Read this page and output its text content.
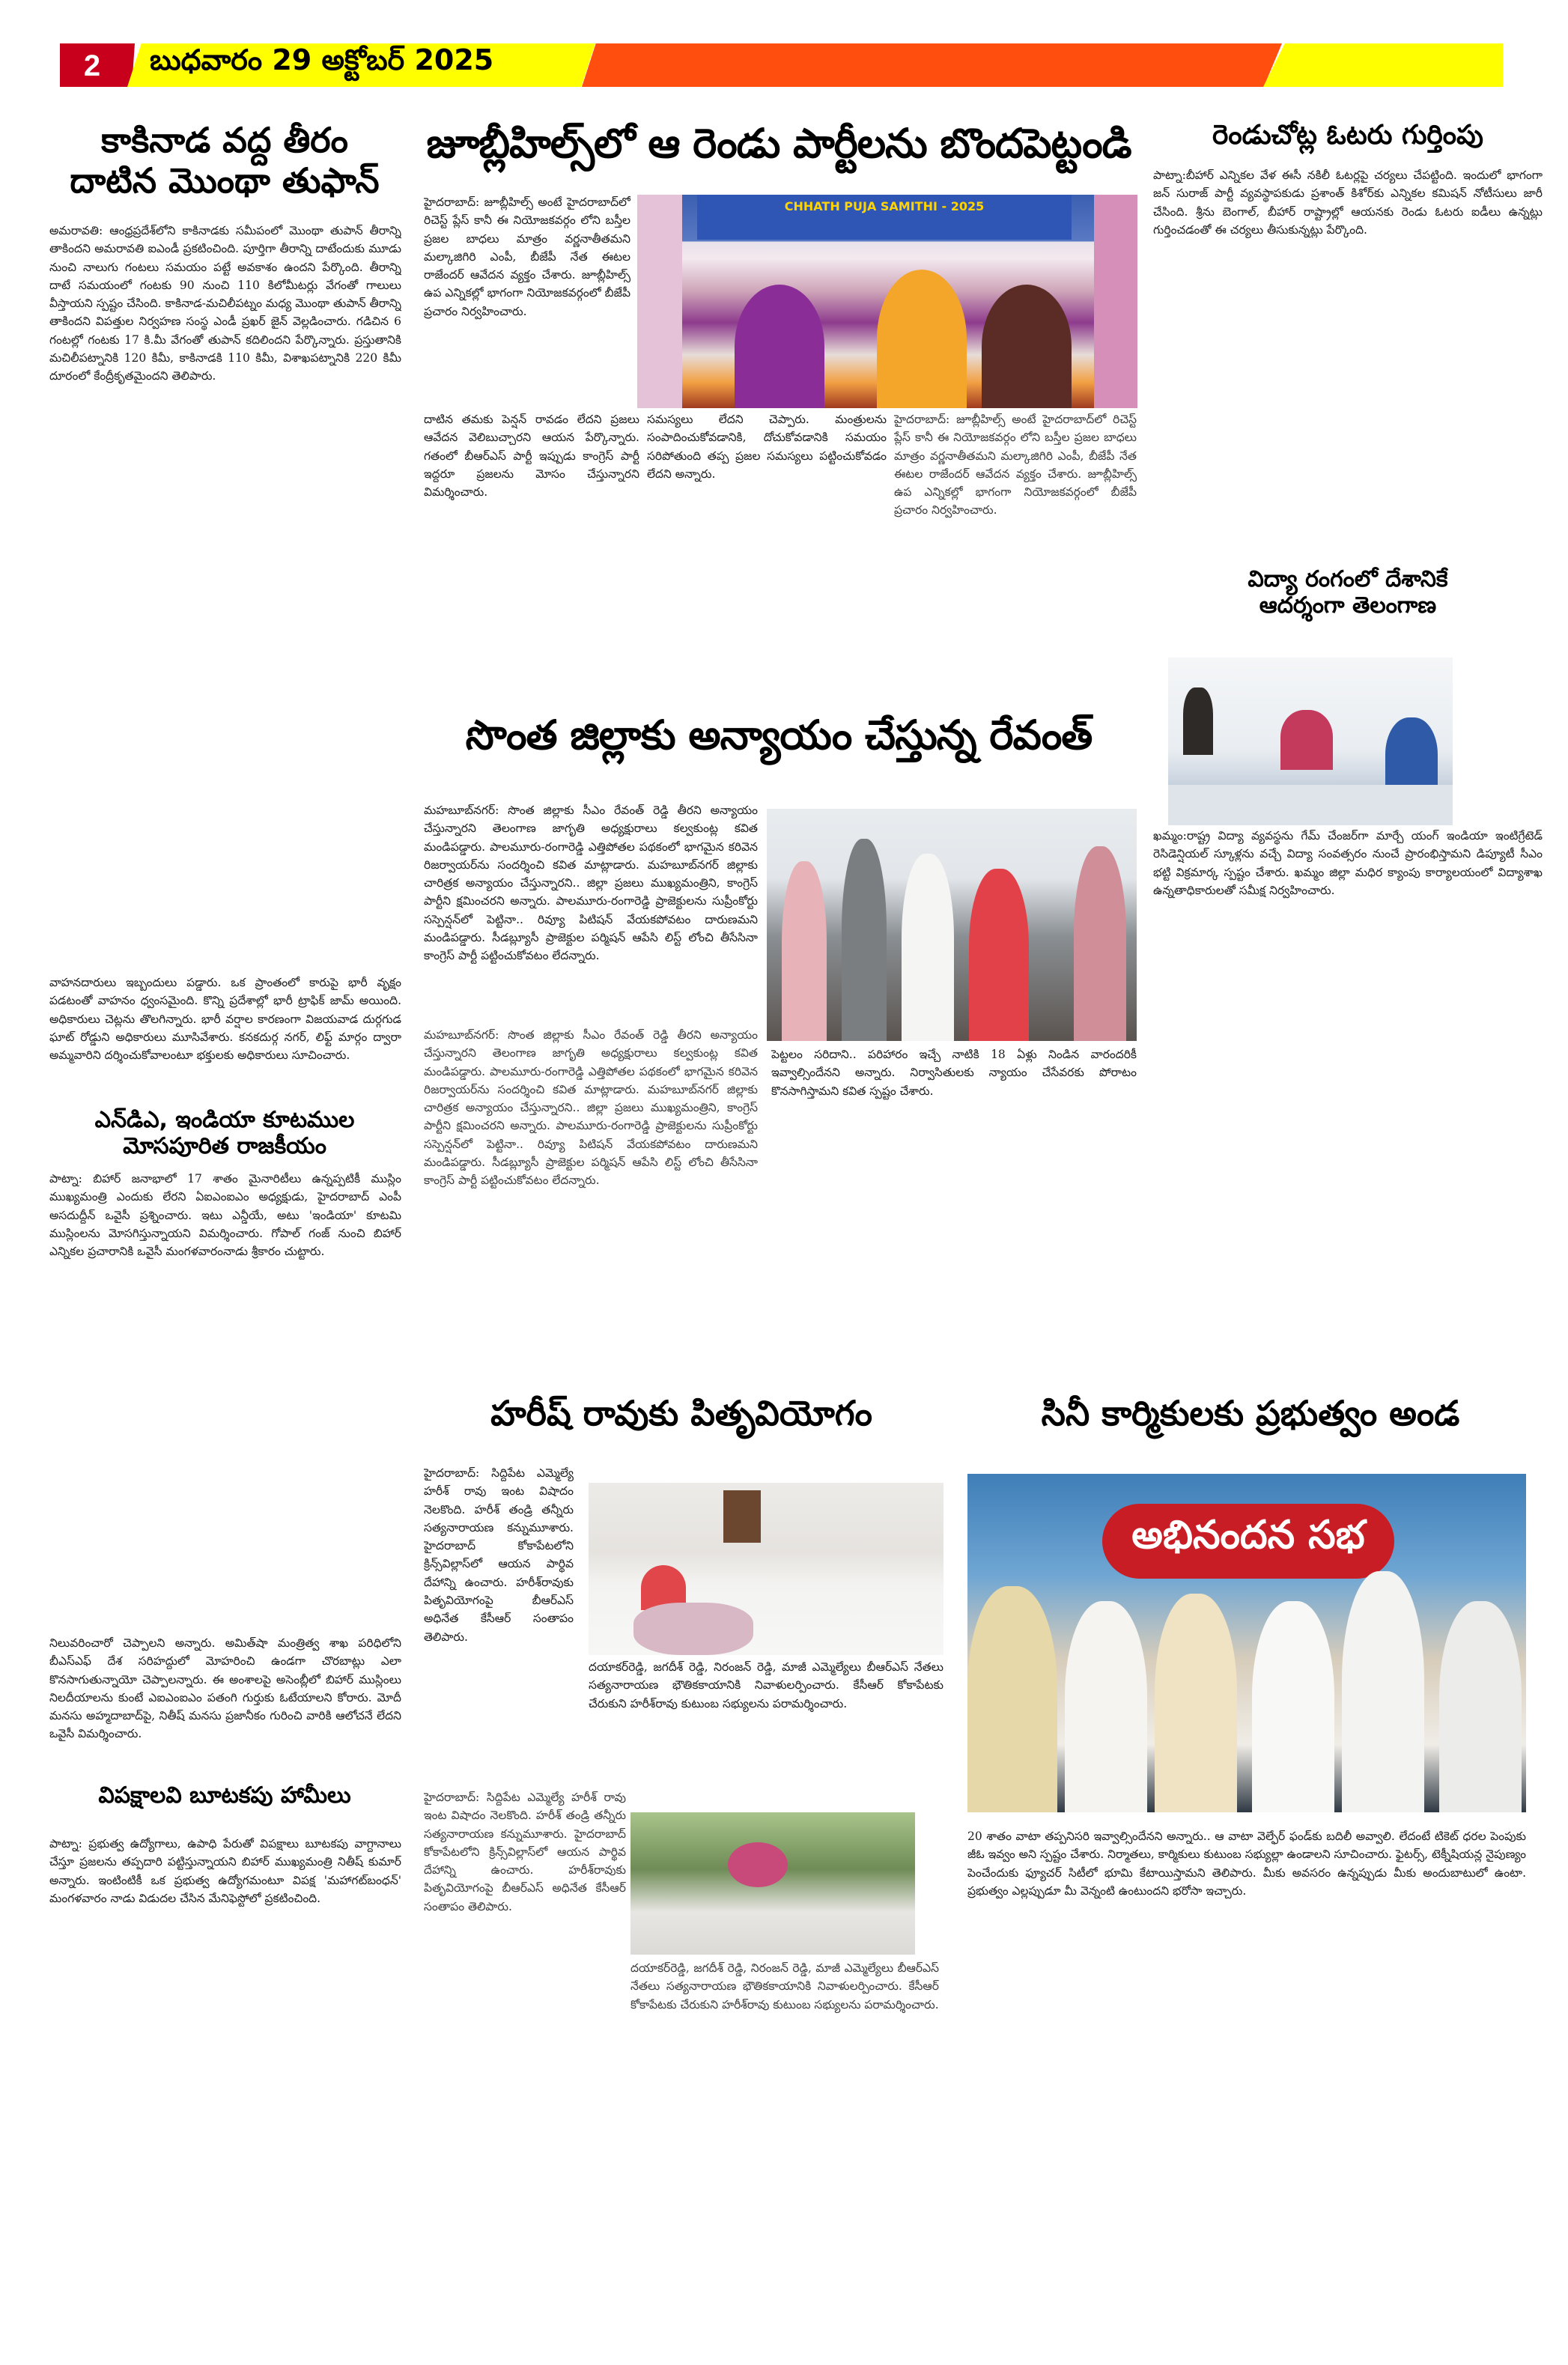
2	బుధవారం 29 అక్టోబర్ 2025
కాకినాడ వద్ద తీరం
దాటిన మొంథా తుఫాన్

అమరావతి: ఆంధ్రప్రదేశ్‌లోని కాకినాడకు సమీపంలో మొంథా తుపాన్ తీరాన్ని తాకిందని అమరావతి ఐఎండీ ప్రకటించింది. పూర్తిగా తీరాన్ని దాటేందుకు మూడు నుంచి నాలుగు గంటలు సమయం పట్టే అవకాశం ఉందని పేర్కొంది. తీరాన్ని దాటే సమయంలో గంటకు 90 నుంచి 110 కిలోమీటర్లు వేగంతో గాలులు వీస్తాయని స్పష్టం చేసింది. కాకినాడ-మచిలీపట్నం మధ్య మొంథా తుపాన్ తీరాన్ని తాకిందని విపత్తుల నిర్వహణ సంస్థ ఎండీ ప్రఖర్ జైన్ వెల్లడించారు. గడిచిన 6 గంటల్లో గంటకు 17 కి.మీ వేగంతో తుపాన్ కదిలిందని పేర్కొన్నారు. ప్రస్తుతానికి మచిలీపట్నానికి 120 కిమీ, కాకినాడకి 110 కిమీ, విశాఖపట్నానికి 220 కిమీ దూరంలో కేంద్రీకృతమైందని తెలిపారు.

వాహనదారులు ఇబ్బందులు పడ్డారు. ఒక ప్రాంతంలో కారుపై భారీ వృక్షం పడటంతో వాహనం ధ్వంసమైంది. కొన్ని ప్రదేశాల్లో భారీ ట్రాఫిక్ జామ్ అయింది. అధికారులు చెట్లను తొలగిన్నారు. భారీ వర్షాల కారణంగా విజయవాడ దుర్గగుడ ఘాట్ రోడ్డుని అధికారులు మూసివేశారు. కనకదుర్గ నగర్, లిఫ్ట్ మార్గం ద్వారా అమ్మవారిని దర్శించుకోవాలంటూ భక్తులకు అధికారులు సూచించారు.

ఎన్‌డిఎ, ఇండియా కూటముల
మోసపూరిత రాజకీయం

పాట్నా: బిహార్ జనాభాలో 17 శాతం మైనారిటీలు ఉన్నప్పటికీ ముస్లిం ముఖ్యమంత్రి ఎందుకు లేరని ఏఐఎంఐఎం అధ్యక్షుడు, హైదరాబాద్ ఎంపీ అసదుద్దీన్ ఒవైసీ ప్రశ్నించారు. ఇటు ఎన్డీయే, అటు 'ఇండియా' కూటమి ముస్లింలను మోసగిస్తున్నాయని విమర్శించారు. గోపాల్ గంజ్ నుంచి బిహార్ ఎన్నికల ప్రచారానికి ఒవైసీ మంగళవారంనాడు శ్రీకారం చుట్టారు.

నిలువరించారో చెప్పాలని అన్నారు. అమిత్‌షా మంత్రిత్వ శాఖ పరిధిలోని బీఎస్ఎఫ్ దేశ సరిహద్దులో మోహరించి ఉండగా చొరబాట్లు ఎలా కొనసాగుతున్నాయో చెప్పాలన్నారు. ఈ అంశాలపై అసెంబ్లీలో బిహార్ ముస్లింలు నిలదీయాలను కుంటే ఎఐఎంఐఎం పతంగి గుర్తుకు ఓటేయాలని కోరారు. మోదీ మనసు అహ్మదాబాద్‌పై, నితీష్ మనసు ప్రజానీకం గురించి వారికి ఆలోచనే లేదని ఒవైసీ విమర్శించారు.

విపక్షాలవి బూటకపు హామీలు

పాట్నా: ప్రభుత్వ ఉద్యోగాలు, ఉపాధి పేరుతో విపక్షాలు బూటకపు వాగ్దానాలు చేస్తూ ప్రజలను తప్పదారి పట్టిస్తున్నాయని బిహార్ ముఖ్యమంత్రి నితీష్ కుమార్ అన్నారు. ఇంటింటికీ ఒక ప్రభుత్వ ఉద్యోగమంటూ విపక్ష 'మహాగట్‌బంధన్' మంగళవారం నాడు విడుదల చేసిన మేనిఫెస్టోలో ప్రకటించింది.

జూబ్లీహిల్స్‌లో ఆ రెండు పార్టీలను బొందపెట్టండి

హైదరాబాద్: జూబ్లీహిల్స్ అంటే హైదరాబాద్‌లో రిచెస్ట్ ప్లేస్ కానీ ఈ నియోజకవర్గం లోని బస్తీల ప్రజల బాధలు మాత్రం వర్ణనాతీతమని మల్కాజిగిరి ఎంపీ, బీజేపీ నేత ఈటల రాజేందర్ ఆవేదన వ్యక్తం చేశారు. జూబ్లీహిల్స్ ఉప ఎన్నికల్లో భాగంగా నియోజకవర్గంలో బీజేపీ ప్రచారం నిర్వహించారు.

CHHATH PUJA SAMITHI - 2025

దాటిన తమకు పెన్షన్ రావడం లేదని ప్రజలు ఆవేదన వెలిబుచ్చారని ఆయన పేర్కొన్నారు. గతంలో బీఆర్ఎస్ పార్టీ ఇప్పుడు కాంగ్రెస్ పార్టీ ఇద్దరూ ప్రజలను మోసం చేస్తున్నారని విమర్శించారు.

సమస్యలు లేదని చెప్పారు. మంత్రులను సంపాదించుకోవడానికి, దోచుకోవడానికి సమయం సరిపోతుంది తప్ప ప్రజల సమస్యలు పట్టించుకోవడం లేదని అన్నారు.

హైదరాబాద్: జూబ్లీహిల్స్ అంటే హైదరాబాద్‌లో రిచెస్ట్ ప్లేస్ కానీ ఈ నియోజకవర్గం లోని బస్తీల ప్రజల బాధలు మాత్రం వర్ణనాతీతమని మల్కాజిగిరి ఎంపీ, బీజేపీ నేత ఈటల రాజేందర్ ఆవేదన వ్యక్తం చేశారు. జూబ్లీహిల్స్ ఉప ఎన్నికల్లో భాగంగా నియోజకవర్గంలో బీజేపీ ప్రచారం నిర్వహించారు.

రెండుచోట్ల ఓటరు గుర్తింపు

పాట్నా:బీహార్ ఎన్నికల వేళ ఈసీ నకిలీ ఓటర్లపై చర్యలు చేపట్టింది. ఇందులో భాగంగా జన్ సురాజ్ పార్టీ వ్యవస్థాపకుడు ప్రశాంత్ కిశోర్‌కు ఎన్నికల కమిషన్ నోటీసులు జారీ చేసింది. శ్రీను బెంగాల్, బీహార్ రాష్ట్రాల్లో ఆయనకు రెండు ఓటరు ఐడీలు ఉన్నట్లు గుర్తించడంతో ఈ చర్యలు తీసుకున్నట్లు పేర్కొంది.

విద్యా రంగంలో దేశానికే
ఆదర్శంగా తెలంగాణ

ఖమ్మం:రాష్ట్ర విద్యా వ్యవస్థను గేమ్ చేంజర్‌గా మార్చే యంగ్ ఇండియా ఇంటిగ్రేటెడ్ రెసిడెన్షియల్ స్కూళ్లను వచ్చే విద్యా సంవత్సరం నుంచే ప్రారంభిస్తామని డిప్యూటీ సీఎం భట్టి విక్రమార్క స్పష్టం చేశారు. ఖమ్మం జిల్లా మధిర క్యాంపు కార్యాలయంలో విద్యాశాఖ ఉన్నతాధికారులతో సమీక్ష నిర్వహించారు.

సొంత జిల్లాకు అన్యాయం చేస్తున్న రేవంత్

మహబూబ్‌నగర్: సొంత జిల్లాకు సీఎం రేవంత్ రెడ్డి తీరని అన్యాయం చేస్తున్నారని తెలంగాణ జాగృతి అధ్యక్షురాలు కల్వకుంట్ల కవిత మండిపడ్డారు. పాలమూరు-రంగారెడ్డి ఎత్తిపోతల పథకంలో భాగమైన కరివెన రిజర్వాయర్‌ను సందర్శించి కవిత మాట్లాడారు. మహబూబ్‌నగర్ జిల్లాకు చారిత్రక అన్యాయం చేస్తున్నారని.. జిల్లా ప్రజలు ముఖ్యమంత్రిని, కాంగ్రెస్ పార్టీని క్షమించరని అన్నారు. పాలమూరు-రంగారెడ్డి ప్రాజెక్టులను సుప్రీంకోర్టు సస్పెన్షన్‌లో పెట్టినా.. రివ్యూ పిటిషన్ వేయకపోవటం దారుణమని మండిపడ్డారు. సీడబ్ల్యూసీ ప్రాజెక్టుల పర్మిషన్ ఆపేసి లిస్ట్ లోంచి తీసేసినా కాంగ్రెస్ పార్టీ పట్టించుకోవటం లేదన్నారు.

మహబూబ్‌నగర్: సొంత జిల్లాకు సీఎం రేవంత్ రెడ్డి తీరని అన్యాయం చేస్తున్నారని తెలంగాణ జాగృతి అధ్యక్షురాలు కల్వకుంట్ల కవిత మండిపడ్డారు. పాలమూరు-రంగారెడ్డి ఎత్తిపోతల పథకంలో భాగమైన కరివెన రిజర్వాయర్‌ను సందర్శించి కవిత మాట్లాడారు. మహబూబ్‌నగర్ జిల్లాకు చారిత్రక అన్యాయం చేస్తున్నారని.. జిల్లా ప్రజలు ముఖ్యమంత్రిని, కాంగ్రెస్ పార్టీని క్షమించరని అన్నారు. పాలమూరు-రంగారెడ్డి ప్రాజెక్టులను సుప్రీంకోర్టు సస్పెన్షన్‌లో పెట్టినా.. రివ్యూ పిటిషన్ వేయకపోవటం దారుణమని మండిపడ్డారు. సీడబ్ల్యూసీ ప్రాజెక్టుల పర్మిషన్ ఆపేసి లిస్ట్ లోంచి తీసేసినా కాంగ్రెస్ పార్టీ పట్టించుకోవటం లేదన్నారు.

పెట్టలం సరిదాని.. పరిహారం ఇచ్చే నాటికి 18 ఏళ్లు నిండిన వారందరికీ ఇవ్వాల్సిందేనని అన్నారు. నిర్వాసితులకు న్యాయం చేసేవరకు పోరాటం కొనసాగిస్తామని కవిత స్పష్టం చేశారు.

హరీష్ రావుకు పితృవియోగం

హైదరాబాద్: సిద్దిపేట ఎమ్మెల్యే హరీశ్ రావు ఇంట విషాదం నెలకొంది. హరీశ్ తండ్రి తన్నీరు సత్యనారాయణ కన్నుమూశారు. హైదరాబాద్ కోకాపేటలోని క్రిన్స్‌విల్లాస్‌లో ఆయన పార్థివ దేహాన్ని ఉంచారు. హరీశ్‌రావుకు పితృవియోగంపై బీఆర్ఎస్ అధినేత కేసీఆర్ సంతాపం తెలిపారు.

దయాకర్‌రెడ్డి, జగదీశ్ రెడ్డి, నిరంజన్ రెడ్డి, మాజీ ఎమ్మెల్యేలు బీఆర్ఎస్ నేతలు సత్యనారాయణ భౌతికకాయానికి నివాళులర్పించారు. కేసీఆర్ కోకాపేటకు చేరుకుని హరీశ్‌రావు కుటుంబ సభ్యులను పరామర్శించారు.

హైదరాబాద్: సిద్దిపేట ఎమ్మెల్యే హరీశ్ రావు ఇంట విషాదం నెలకొంది. హరీశ్ తండ్రి తన్నీరు సత్యనారాయణ కన్నుమూశారు. హైదరాబాద్ కోకాపేటలోని క్రిన్స్‌విల్లాస్‌లో ఆయన పార్థివ దేహాన్ని ఉంచారు. హరీశ్‌రావుకు పితృవియోగంపై బీఆర్ఎస్ అధినేత కేసీఆర్ సంతాపం తెలిపారు.

దయాకర్‌రెడ్డి, జగదీశ్ రెడ్డి, నిరంజన్ రెడ్డి, మాజీ ఎమ్మెల్యేలు బీఆర్ఎస్ నేతలు సత్యనారాయణ భౌతికకాయానికి నివాళులర్పించారు. కేసీఆర్ కోకాపేటకు చేరుకుని హరీశ్‌రావు కుటుంబ సభ్యులను పరామర్శించారు.

సినీ కార్మికులకు ప్రభుత్వం అండ
అభినందన సభ

20 శాతం వాటా తప్పనిసరి ఇవ్వాల్సిందేనని అన్నారు.. ఆ వాటా వెల్ఫేర్ ఫండ్‌కు బదిలీ అవ్వాలి. లేదంటే టికెట్ ధరల పెంపుకు జీఓ ఇవ్వం అని స్పష్టం చేశారు. నిర్మాతలు, కార్మికులు కుటుంబ సభ్యుల్లా ఉండాలని సూచించారు. ఫైటర్స్, టెక్నీషియన్ల నైపుణ్యం పెంచేందుకు ఫ్యూచర్ సిటీలో భూమి కేటాయిస్తామని తెలిపారు. మీకు అవసరం ఉన్నప్పుడు మీకు అందుబాటులో ఉంటా. ప్రభుత్వం ఎల్లప్పుడూ మీ వెన్నంటి ఉంటుందని భరోసా ఇచ్చారు.
